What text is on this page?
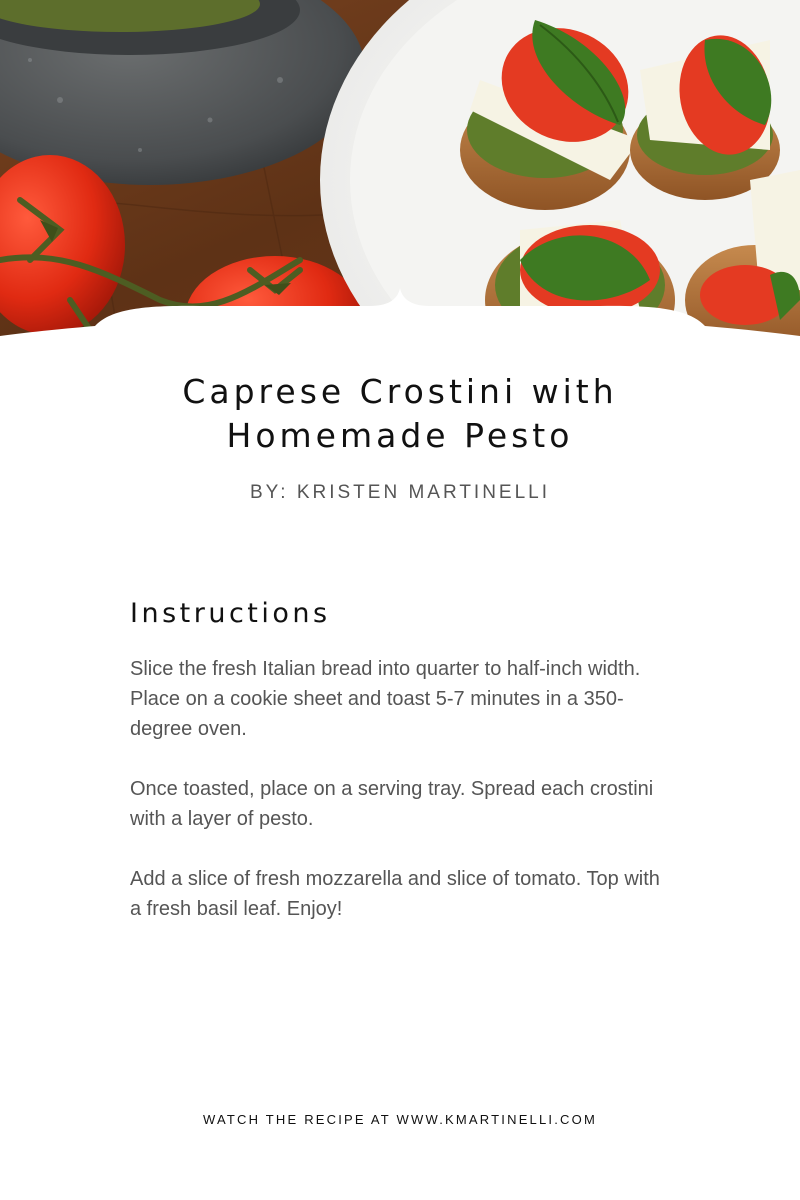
Caprese Crostini with
Homemade Pesto
BY: KRISTEN MARTINELLI
Instructions

Slice the fresh Italian bread into quarter to half-inch width. Place on a cookie sheet and toast 5-7 minutes in a 350-degree oven.

Once toasted, place on a serving tray. Spread each crostini with a layer of pesto.

Add a slice of fresh mozzarella and slice of tomato. Top with a fresh basil leaf. Enjoy!

WATCH THE RECIPE AT WWW.KMARTINELLI.COM
